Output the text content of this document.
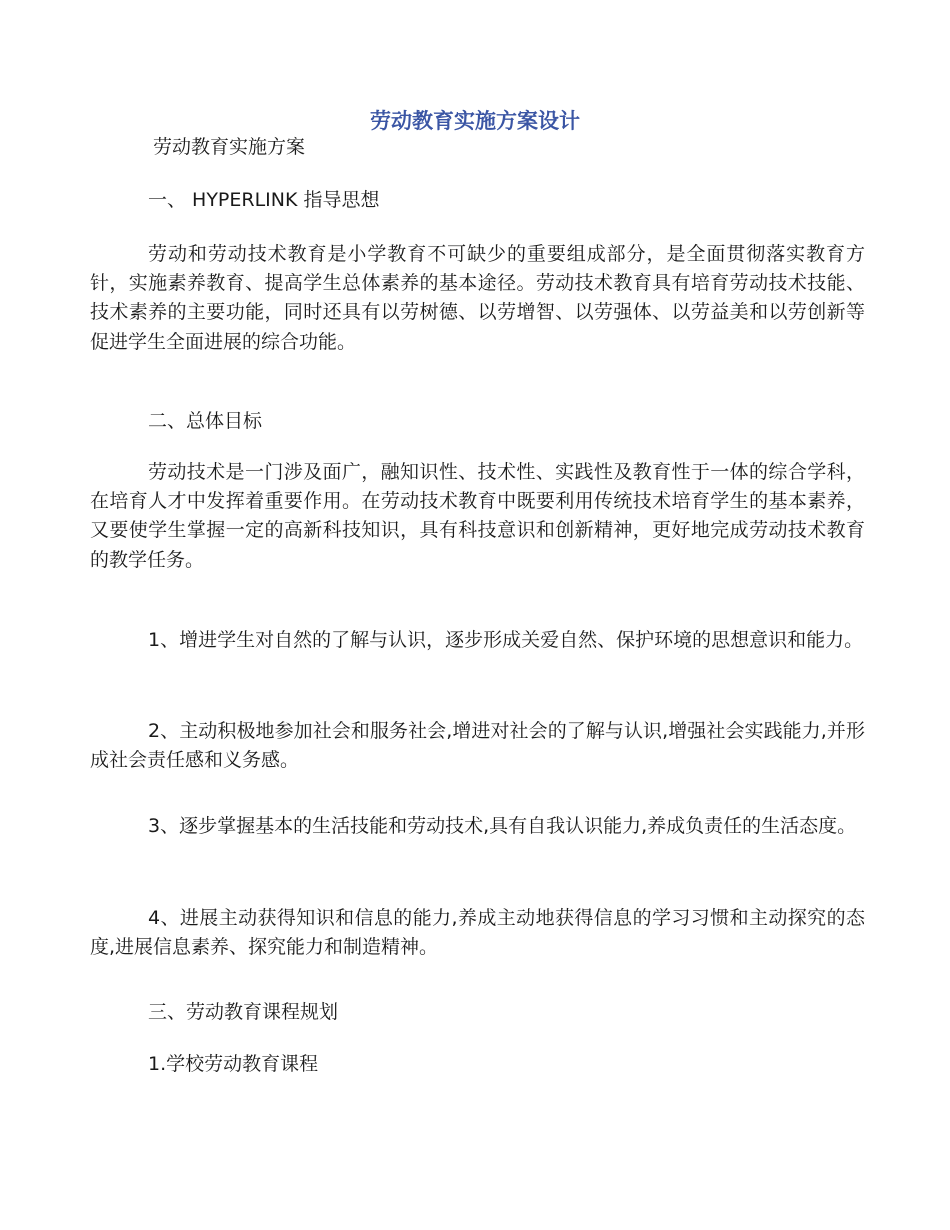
劳动教育实施方案设计
劳动教育实施方案
一、 HYPERLINK 指导思想
劳动和劳动技术教育是小学教育不可缺少的重要组成部分，是全面贯彻落实教育方针，实施素养教育、提高学生总体素养的基本途径。劳动技术教育具有培育劳动技术技能、技术素养的主要功能，同时还具有以劳树德、以劳增智、以劳强体、以劳益美和以劳创新等促进学生全面进展的综合功能。
二、总体目标
劳动技术是一门涉及面广，融知识性、技术性、实践性及教育性于一体的综合学科，在培育人才中发挥着重要作用。在劳动技术教育中既要利用传统技术培育学生的基本素养，又要使学生掌握一定的高新科技知识，具有科技意识和创新精神，更好地完成劳动技术教育的教学任务。
1、增进学生对自然的了解与认识，逐步形成关爱自然、保护环境的思想意识和能力。
2、主动积极地参加社会和服务社会,增进对社会的了解与认识,增强社会实践能力,并形成社会责任感和义务感。
3、逐步掌握基本的生活技能和劳动技术,具有自我认识能力,养成负责任的生活态度。
4、进展主动获得知识和信息的能力,养成主动地获得信息的学习习惯和主动探究的态度,进展信息素养、探究能力和制造精神。
三、劳动教育课程规划
1.学校劳动教育课程
